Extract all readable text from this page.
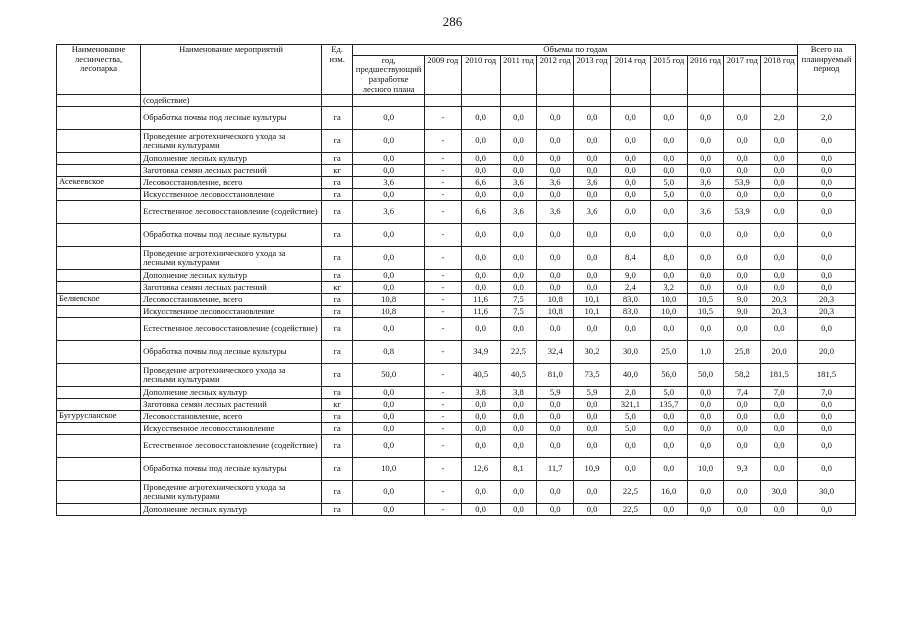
286
Наименование лесничества, лесопарка	Наименование мероприятий	Ед. изм.	Объемы по годам											Всего на планируемый период
			год, предшествующий разработке лесного плана	2009 год	2010 год	2011 год	2012 год	2013 год	2014 год	2015 год	2016 год	2017 год	2018 год	
	(содействие)													
	Обработка почвы под лесные культуры	га	0,0	-	0,0	0,0	0,0	0,0	0,0	0,0	0,0	0,0	2,0	2,0
	Проведение агротехнического ухода за лесными культурами	га	0,0	-	0,0	0,0	0,0	0,0	0,0	0,0	0,0	0,0	0,0	0,0
	Дополнение лесных культур	га	0,0	-	0,0	0,0	0,0	0,0	0,0	0,0	0,0	0,0	0,0	0,0
	Заготовка семян лесных растений	кг	0,0	-	0,0	0,0	0,0	0,0	0,0	0,0	0,0	0,0	0,0	0,0
Асекеевское	Лесовосстановление, всего	га	3,6	-	6,6	3,6	3,6	3,6	0,0	5,0	3,6	53,9	0,0	0,0
	Искусственное лесовосстановление	га	0,0	-	0,0	0,0	0,0	0,0	0,0	5,0	0,0	0,0	0,0	0,0
	Естественное лесовосстановление (содействие)	га	3,6	-	6,6	3,6	3,6	3,6	0,0	0,0	3,6	53,9	0,0	0,0
	Обработка почвы под лесные культуры	га	0,0	-	0,0	0,0	0,0	0,0	0,0	0,0	0,0	0,0	0,0	0,0
	Проведение агротехнического ухода за лесными культурами	га	0,0	-	0,0	0,0	0,0	0,0	8,4	8,0	0,0	0,0	0,0	0,0
	Дополнение лесных культур	га	0,0	-	0,0	0,0	0,0	0,0	9,0	0,0	0,0	0,0	0,0	0,0
	Заготовка семян лесных растений	кг	0,0	-	0,0	0,0	0,0	0,0	2,4	3,2	0,0	0,0	0,0	0,0
Беляевское	Лесовосстановление, всего	га	10,8	-	11,6	7,5	10,8	10,1	83,0	10,0	10,5	9,0	20,3	20,3
	Искусственное лесовосстановление	га	10,8	-	11,6	7,5	10,8	10,1	83,0	10,0	10,5	9,0	20,3	20,3
	Естественное лесовосстановление (содействие)	га	0,0	-	0,0	0,0	0,0	0,0	0,0	0,0	0,0	0,0	0,0	0,0
	Обработка почвы под лесные культуры	га	0,8	-	34,9	22,5	32,4	30,2	30,0	25,0	1,0	25,8	20,0	20,0
	Проведение агротехнического ухода за лесными культурами	га	50,0	-	40,5	40,5	81,0	73,5	40,0	56,0	50,0	58,2	181,5	181,5
	Дополнение лесных культур	га	0,0	-	3,8	3,8	5,9	5,9	2,0	5,0	0,0	7,4	7,0	7,0
	Заготовка семян лесных растений	кг	0,0	-	0,0	0,0	0,0	0,0	321,1	135,7	0,0	0,0	0,0	0,0
Бугурусланское	Лесовосстановление, всего	га	0,0	-	0,0	0,0	0,0	0,0	5,0	0,0	0,0	0,0	0,0	0,0
	Искусственное лесовосстановление	га	0,0	-	0,0	0,0	0,0	0,0	5,0	0,0	0,0	0,0	0,0	0,0
	Естественное лесовосстановление (содействие)	га	0,0	-	0,0	0,0	0,0	0,0	0,0	0,0	0,0	0,0	0,0	0,0
	Обработка почвы под лесные культуры	га	10,0	-	12,6	8,1	11,7	10,9	0,0	0,0	10,0	9,3	0,0	0,0
	Проведение агротехнического ухода за лесными культурами	га	0,0	-	0,0	0,0	0,0	0,0	22,5	16,0	0,0	0,0	30,0	30,0
	Дополнение лесных культур	га	0,0	-	0,0	0,0	0,0	0,0	22,5	0,0	0,0	0,0	0,0	0,0
